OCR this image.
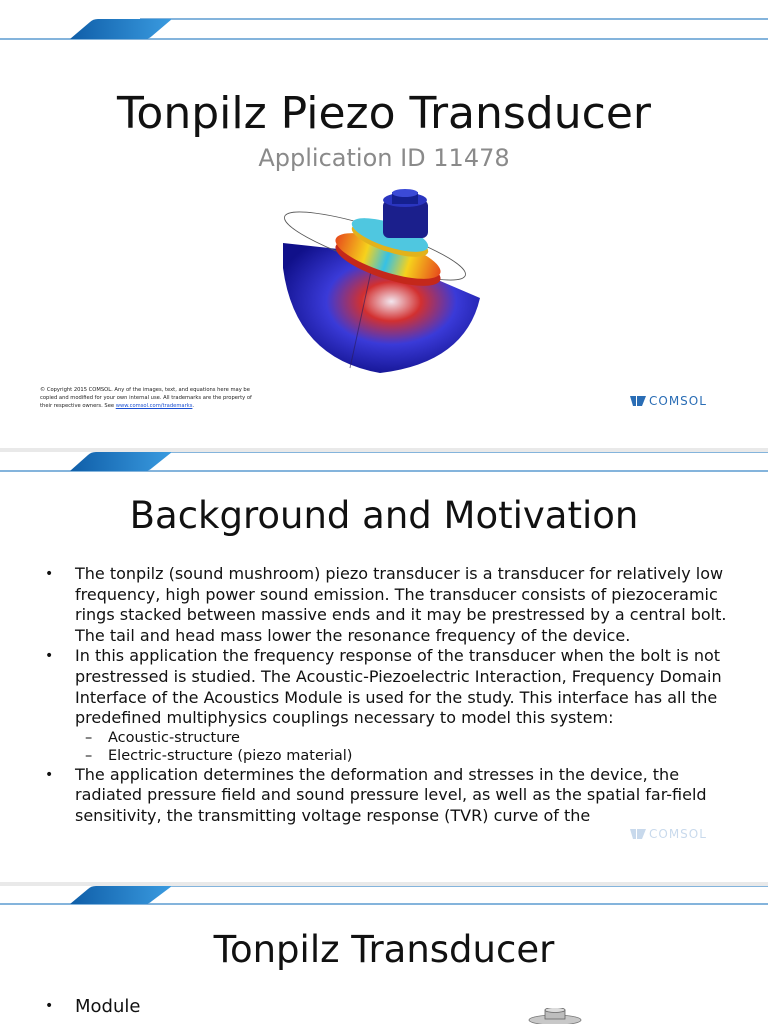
Tonpilz Piezo Transducer
Application ID 11478
© Copyright 2015 COMSOL. Any of the images, text, and equations here may be copied and modified for your own internal use. All trademarks are the property of their respective owners. See www.comsol.com/trademarks.	COMSOL
Background and Motivation
• The tonpilz (sound mushroom) piezo transducer is a transducer for relatively low frequency, high power sound emission. The transducer consists of piezoceramic rings stacked between massive ends and it may be prestressed by a central bolt. The tail and head mass lower the resonance frequency of the device.
• In this application the frequency response of the transducer when the bolt is not prestressed is studied. The Acoustic-Piezoelectric Interaction, Frequency Domain Interface of the Acoustics Module is used for the study. This interface has all the predefined multiphysics couplings necessary to model this system:
– Acoustic-structure
– Electric-structure (piezo material)
• The application determines the deformation and stresses in the device, the radiated pressure field and sound pressure level, as well as the spatial far-field sensitivity, the transmitting voltage response (TVR) curve of the
COMSOL
Tonpilz Transducer
• Module
